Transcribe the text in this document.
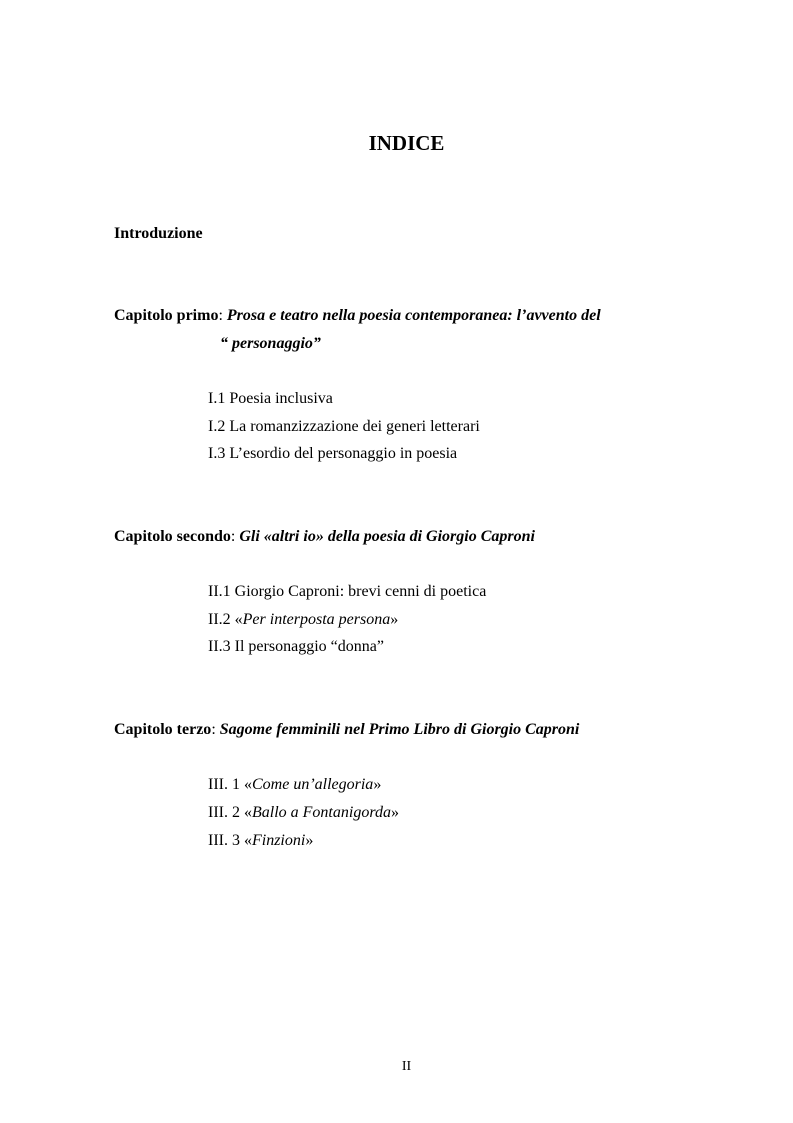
INDICE
Introduzione
Capitolo primo: Prosa e teatro nella poesia contemporanea: l’avvento del
“ personaggio”
I.1 Poesia inclusiva
I.2 La romanzizzazione dei generi letterari
I.3 L’esordio del personaggio in poesia
Capitolo secondo: Gli «altri io» della poesia di Giorgio Caproni
II.1 Giorgio Caproni: brevi cenni di poetica
II.2 «Per interposta persona»
II.3 Il personaggio “donna”
Capitolo terzo: Sagome femminili nel Primo Libro di Giorgio Caproni
III. 1 «Come un’allegoria»
III. 2 «Ballo a Fontanigorda»
III. 3 «Finzioni»
II
